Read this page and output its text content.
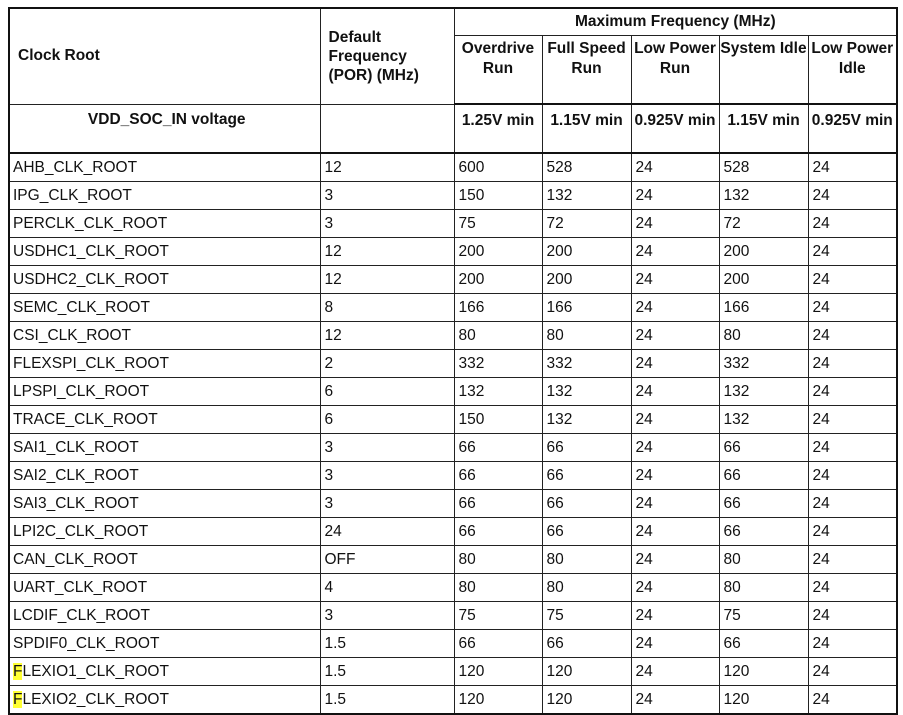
Clock Root	Default Frequency (POR) (MHz)	Maximum Frequency (MHz)				
		Overdrive Run	Full Speed Run	Low Power Run	System Idle	Low Power Idle
VDD_SOC_IN voltage		1.25V min	1.15V min	0.925V min	1.15V min	0.925V min
AHB_CLK_ROOT	12	600	528	24	528	24
IPG_CLK_ROOT	3	150	132	24	132	24
PERCLK_CLK_ROOT	3	75	72	24	72	24
USDHC1_CLK_ROOT	12	200	200	24	200	24
USDHC2_CLK_ROOT	12	200	200	24	200	24
SEMC_CLK_ROOT	8	166	166	24	166	24
CSI_CLK_ROOT	12	80	80	24	80	24
FLEXSPI_CLK_ROOT	2	332	332	24	332	24
LPSPI_CLK_ROOT	6	132	132	24	132	24
TRACE_CLK_ROOT	6	150	132	24	132	24
SAI1_CLK_ROOT	3	66	66	24	66	24
SAI2_CLK_ROOT	3	66	66	24	66	24
SAI3_CLK_ROOT	3	66	66	24	66	24
LPI2C_CLK_ROOT	24	66	66	24	66	24
CAN_CLK_ROOT	OFF	80	80	24	80	24
UART_CLK_ROOT	4	80	80	24	80	24
LCDIF_CLK_ROOT	3	75	75	24	75	24
SPDIF0_CLK_ROOT	1.5	66	66	24	66	24
FLEXIO1_CLK_ROOT	1.5	120	120	24	120	24
FLEXIO2_CLK_ROOT	1.5	120	120	24	120	24
